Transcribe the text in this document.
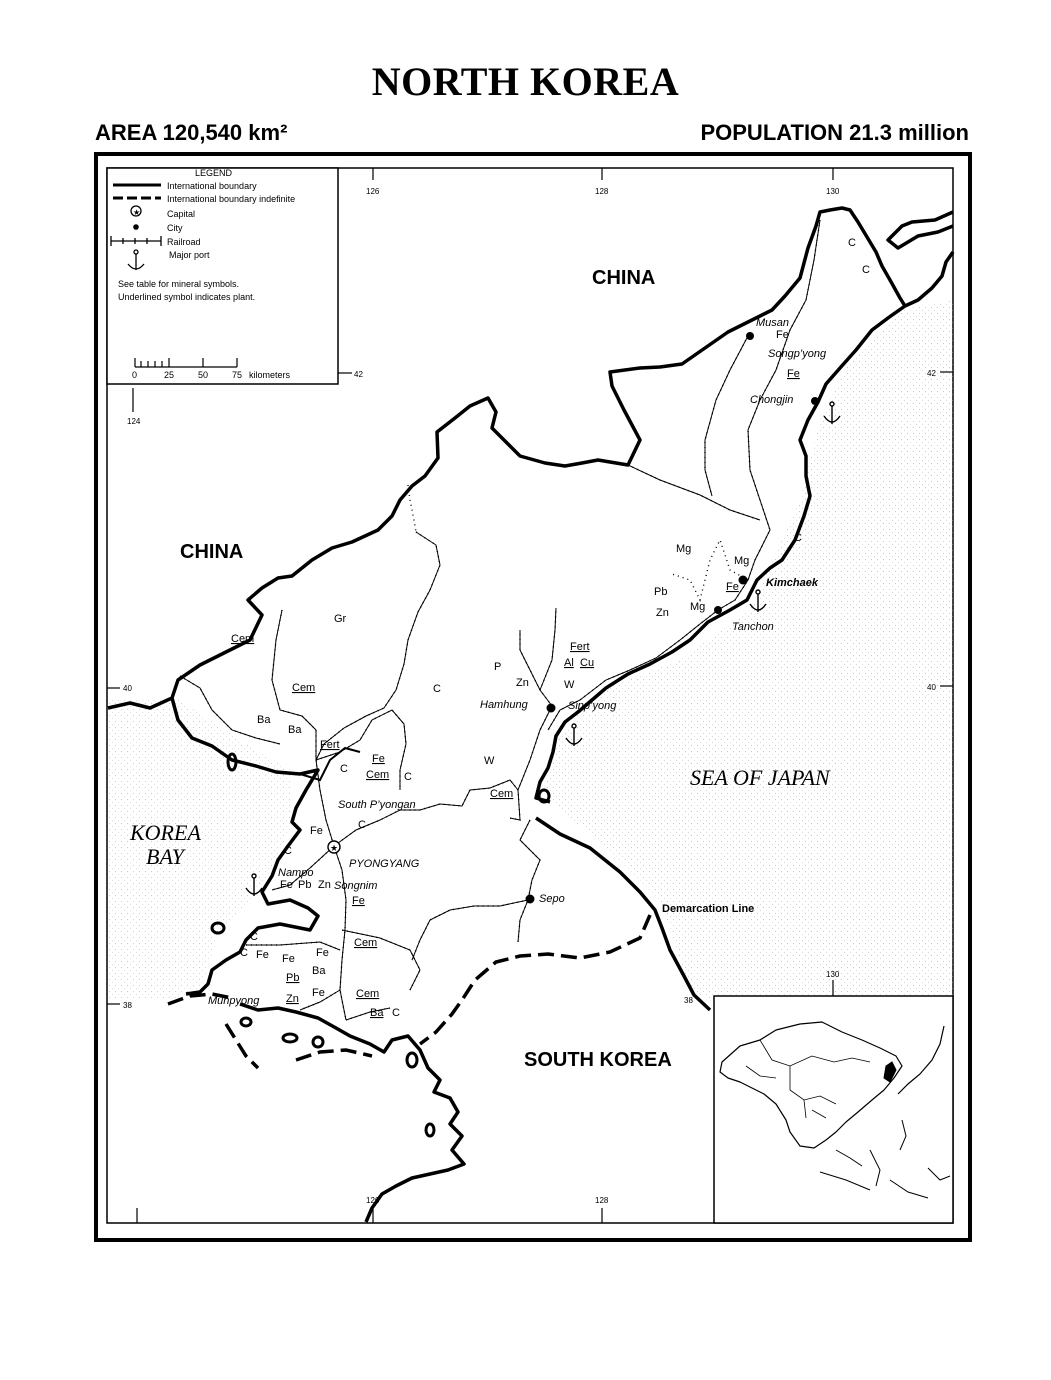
NORTH KOREA
AREA 120,540 km²	POPULATION 21.3 million
126	128	130
124
42	42
40	40
38
38
130
126	128
LEGEND
International boundary
International boundary indefinite
★	Capital
City
Railroad
Major port
See table for mineral symbols.
Underlined symbol indicates plant.
0	25	50	75 kilometers
★
CHINA
CHINA
KOREA
BAY
SEA OF JAPAN
SOUTH KOREA
Demarcation Line
Musan
Songp’yong
Chongjin
Kimchaek
Tanchon
Hamhung	Sinp’yong
South P’yongan
PYONGYANG
Nampo
Songnim
Sepo
Munpyong
Fe
Fe
C
C
C
Mg
Mg
Fe
Pb
Zn Mg
Fert
Al Cu
W
P
Zn
Gr
Cem
Cem	C
Ba
Ba
Fert
Fe
Cem
C
C
W
Cem
Fe	C
C
Fe Pb Zn
Fe
Cem
C
C Fe Fe Fe
Ba
Pb
Zn Fe	Cem
Ba C
